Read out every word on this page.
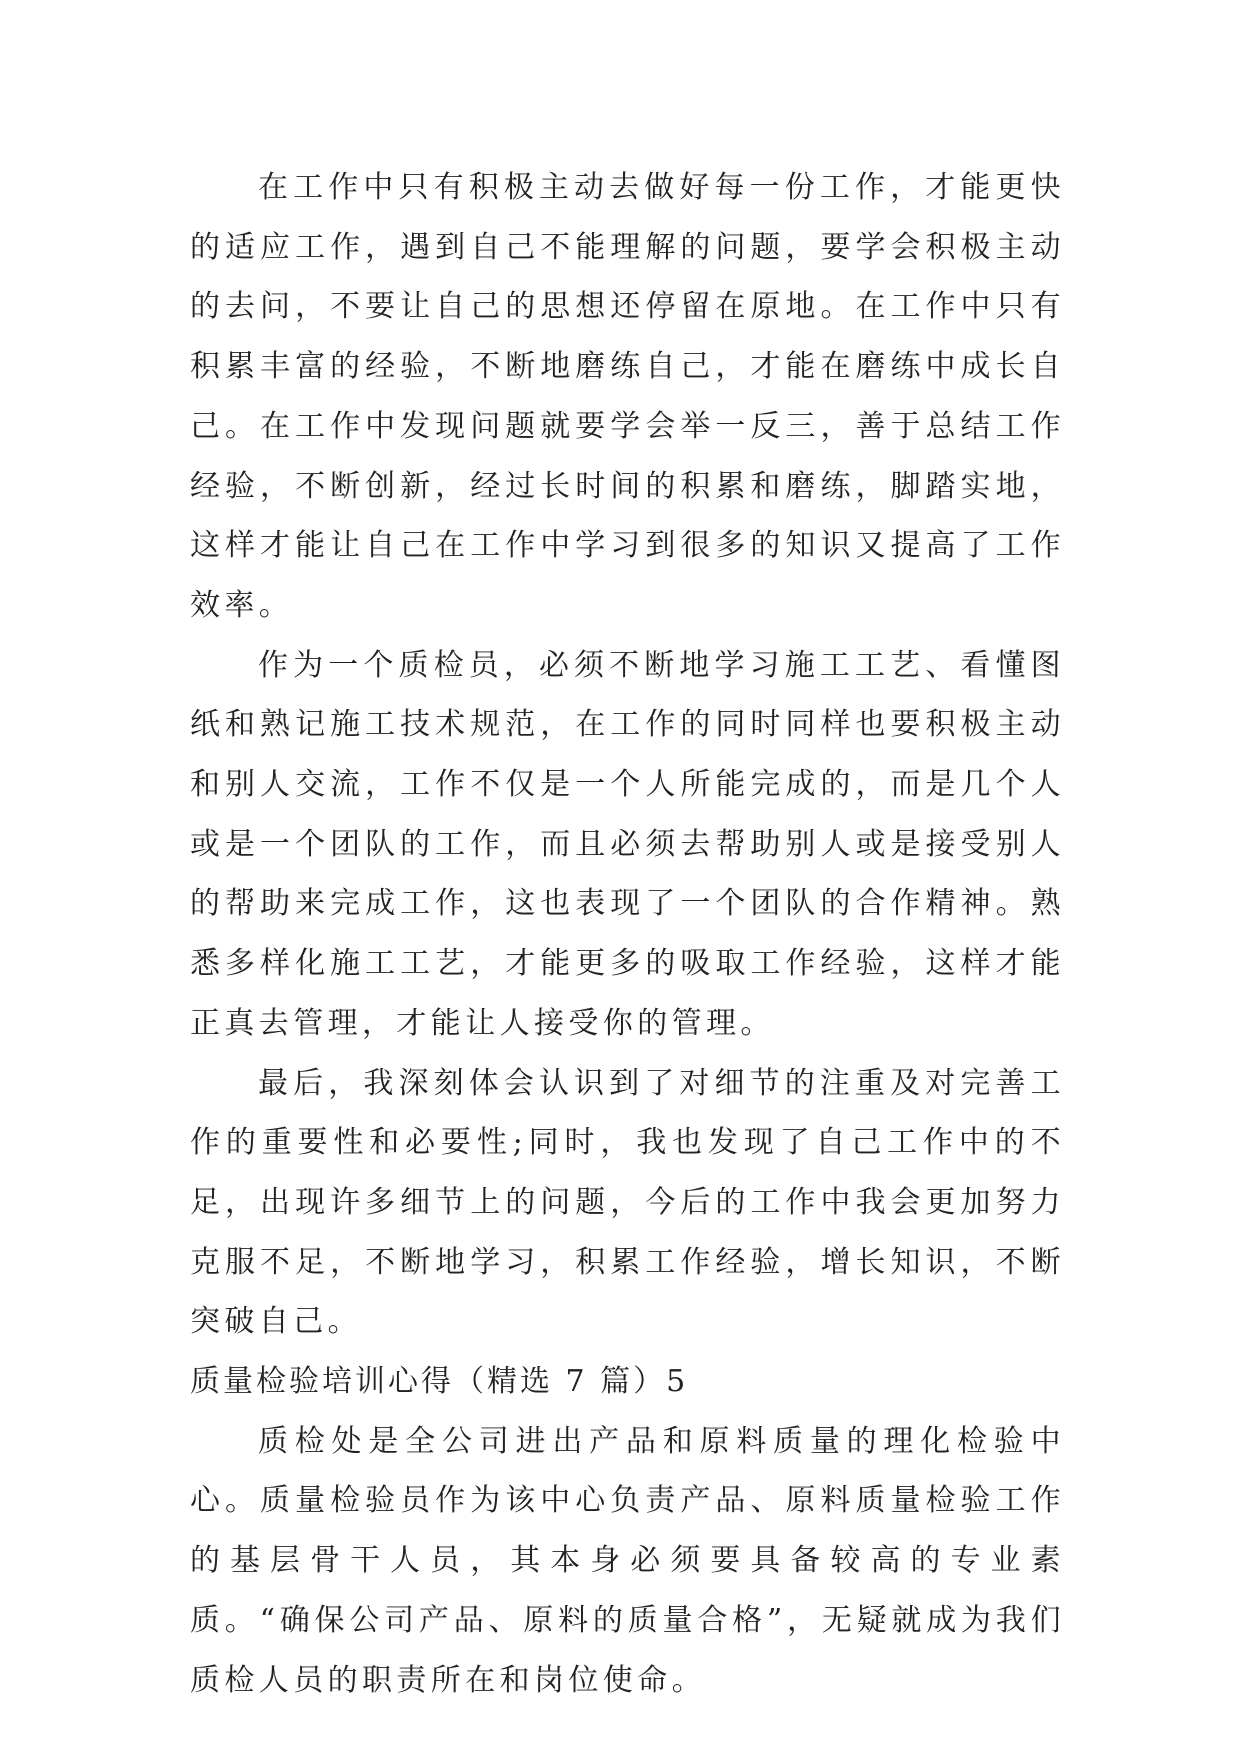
在工作中只有积极主动去做好每一份工作，才能更快的适应工作，遇到自己不能理解的问题，要学会积极主动的去问，不要让自己的思想还停留在原地。在工作中只有积累丰富的经验，不断地磨练自己，才能在磨练中成长自己。在工作中发现问题就要学会举一反三，善于总结工作经验，不断创新，经过长时间的积累和磨练，脚踏实地，这样才能让自己在工作中学习到很多的知识又提高了工作效率。

作为一个质检员，必须不断地学习施工工艺、看懂图纸和熟记施工技术规范，在工作的同时同样也要积极主动和别人交流，工作不仅是一个人所能完成的，而是几个人或是一个团队的工作，而且必须去帮助别人或是接受别人的帮助来完成工作，这也表现了一个团队的合作精神。熟悉多样化施工工艺，才能更多的吸取工作经验，这样才能正真去管理，才能让人接受你的管理。

最后，我深刻体会认识到了对细节的注重及对完善工作的重要性和必要性;同时，我也发现了自己工作中的不足，出现许多细节上的问题，今后的工作中我会更加努力克服不足，不断地学习，积累工作经验，增长知识，不断突破自己。

质量检验培训心得（精选 7 篇）5

质检处是全公司进出产品和原料质量的理化检验中心。质量检验员作为该中心负责产品、原料质量检验工作的基层骨干人员，其本身必须要具备较高的专业素质。“确保公司产品、原料的质量合格”，无疑就成为我们质检人员的职责所在和岗位使命。
